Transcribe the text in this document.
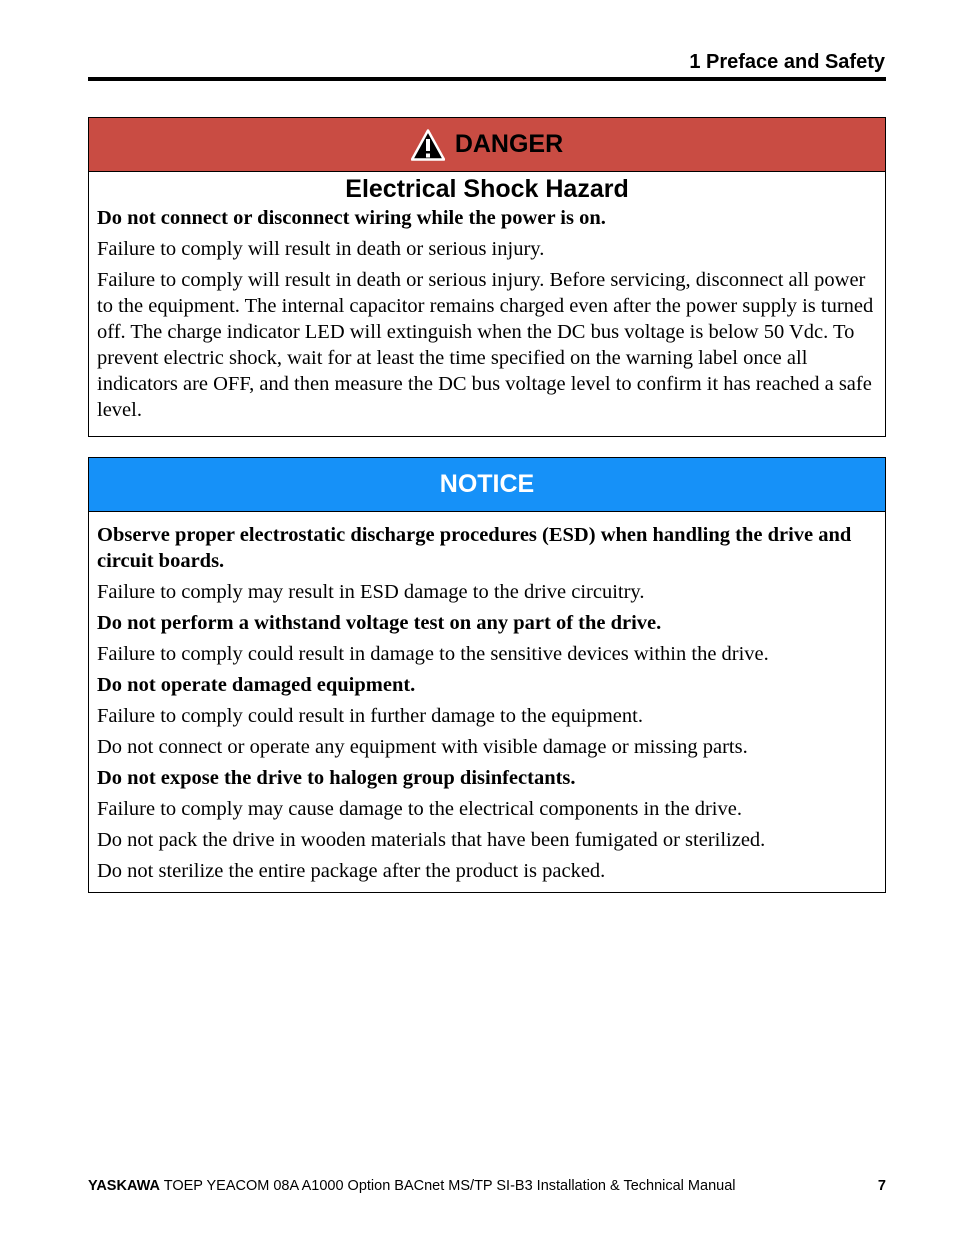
1 Preface and Safety
DANGER
Electrical Shock Hazard

Do not connect or disconnect wiring while the power is on.

Failure to comply will result in death or serious injury.

Failure to comply will result in death or serious injury. Before servicing, disconnect all power to the equipment. The internal capacitor remains charged even after the power supply is turned off. The charge indicator LED will extinguish when the DC bus voltage is below 50 Vdc. To prevent electric shock, wait for at least the time specified on the warning label once all indicators are OFF, and then measure the DC bus voltage level to confirm it has reached a safe level.

NOTICE

Observe proper electrostatic discharge procedures (ESD) when handling the drive and circuit boards.

Failure to comply may result in ESD damage to the drive circuitry.

Do not perform a withstand voltage test on any part of the drive.

Failure to comply could result in damage to the sensitive devices within the drive.

Do not operate damaged equipment.

Failure to comply could result in further damage to the equipment.

Do not connect or operate any equipment with visible damage or missing parts.

Do not expose the drive to halogen group disinfectants.

Failure to comply may cause damage to the electrical components in the drive.

Do not pack the drive in wooden materials that have been fumigated or sterilized.

Do not sterilize the entire package after the product is packed.

YASKAWA TOEP YEACOM 08A A1000 Option BACnet MS/TP SI-B3 Installation & Technical Manual	7
